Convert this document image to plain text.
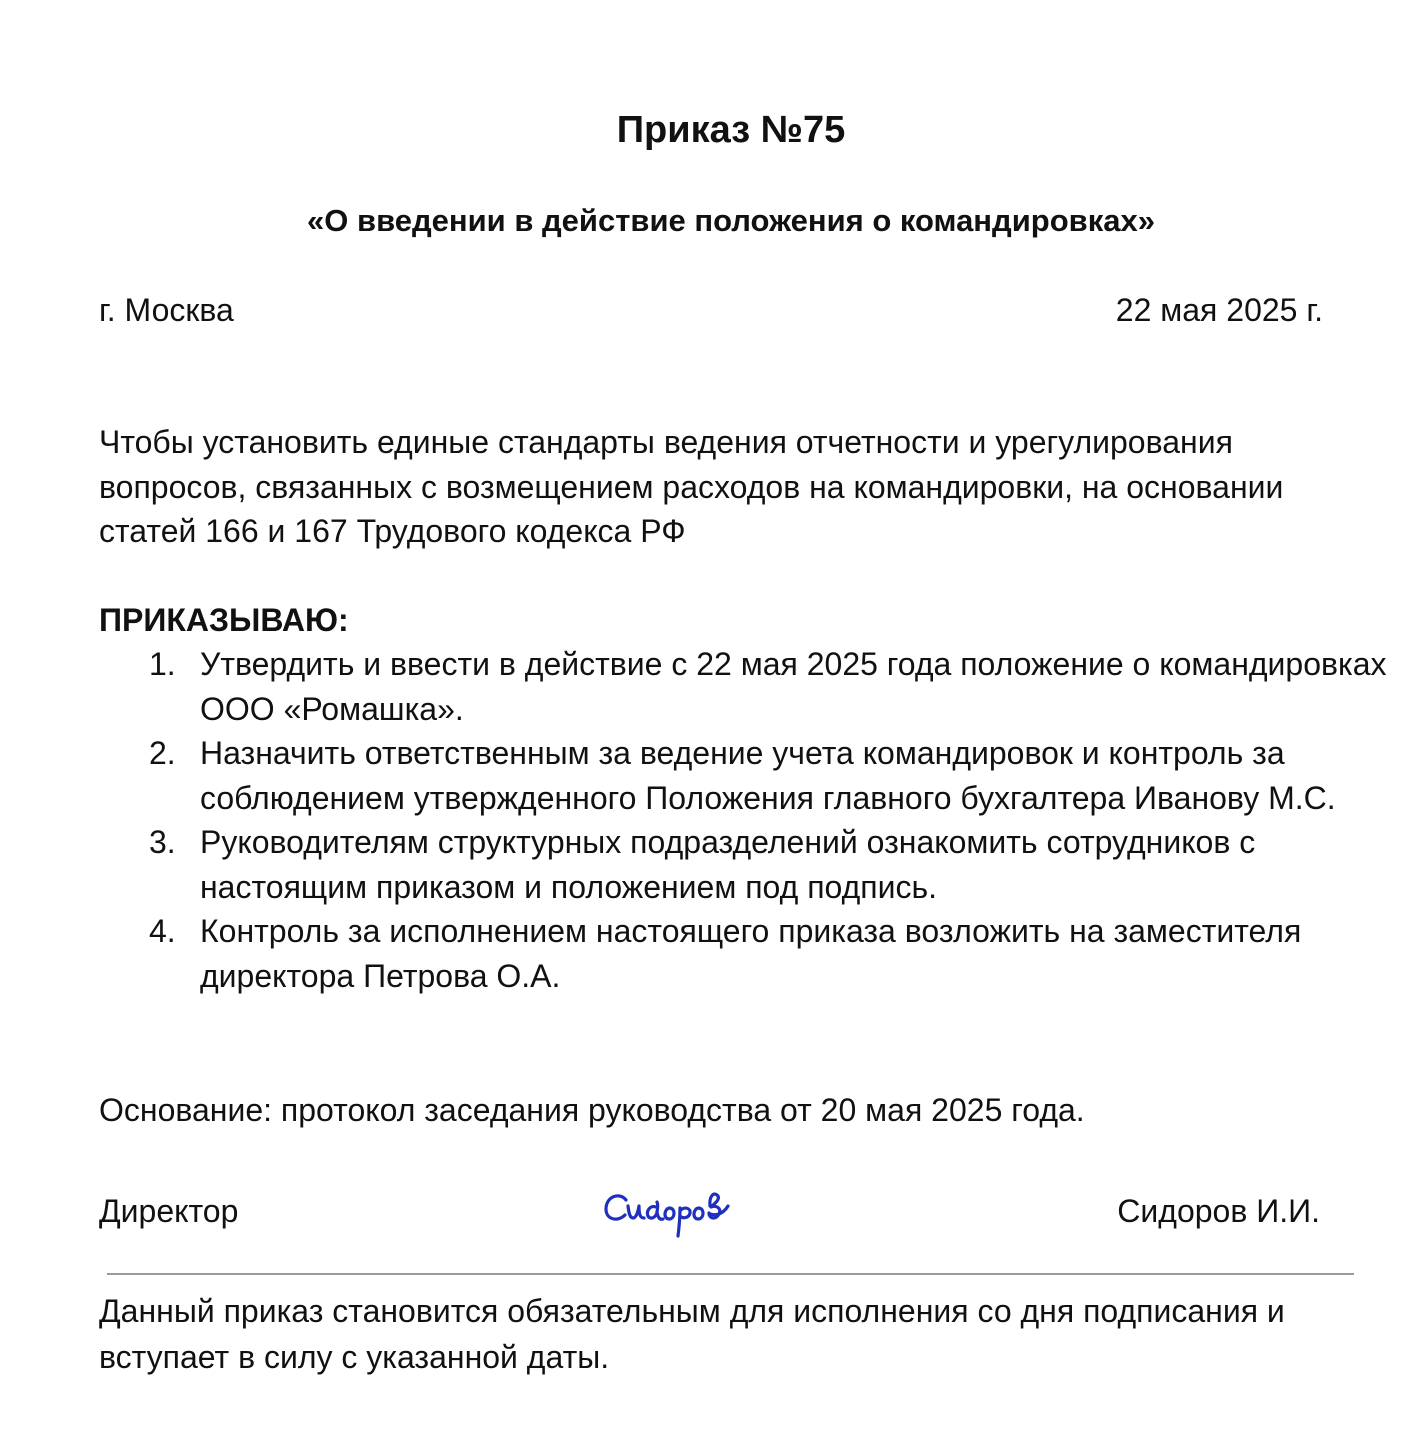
Приказ №75
«О введении в действие положения о командировках»
г. Москва	22 мая 2025 г.

Чтобы установить единые стандарты ведения отчетности и урегулирования вопросов, связанных с возмещением расходов на командировки, на основании статей 166 и 167 Трудового кодекса РФ

ПРИКАЗЫВАЮ:

1. Утвердить и ввести в действие с 22 мая 2025 года положение о командировках ООО «Ромашка».
2. Назначить ответственным за ведение учета командировок и контроль за соблюдением утвержденного Положения главного бухгалтера Иванову М.С.
3. Руководителям структурных подразделений ознакомить сотрудников с настоящим приказом и положением под подпись.
4. Контроль за исполнением настоящего приказа возложить на заместителя директора Петрова О.А.

Основание: протокол заседания руководства от 20 мая 2025 года.

Директор	Сидоров И.И.

Данный приказ становится обязательным для исполнения со дня подписания и вступает в силу с указанной даты.
